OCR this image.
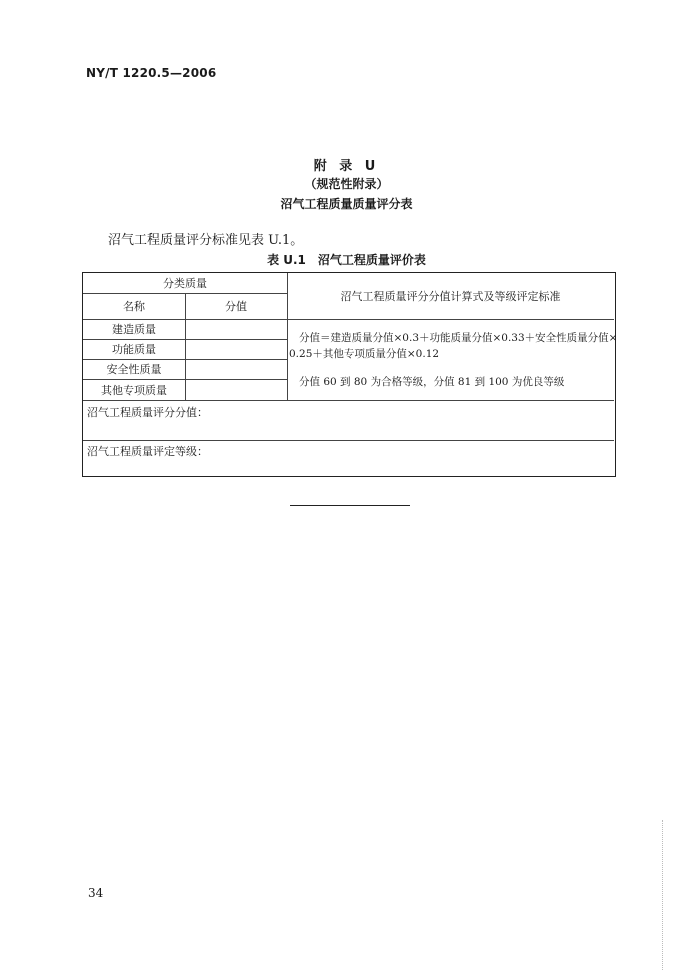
NY/T 1220.5—2006
附 录 U
（规范性附录）
沼气工程质量质量评分表
沼气工程质量评分标准见表 U.1。
表 U.1　沼气工程质量评价表
分类质量
名称	分值
沼气工程质量评分分值计算式及等级评定标准
建造质量
功能质量
安全性质量
其他专项质量
分值＝建造质量分值×0.3＋功能质量分值×0.33＋安全性质量分值×
0.25＋其他专项质量分值×0.12
分值 60 到 80 为合格等级，分值 81 到 100 为优良等级
沼气工程质量评分分值：
沼气工程质量评定等级：
34
